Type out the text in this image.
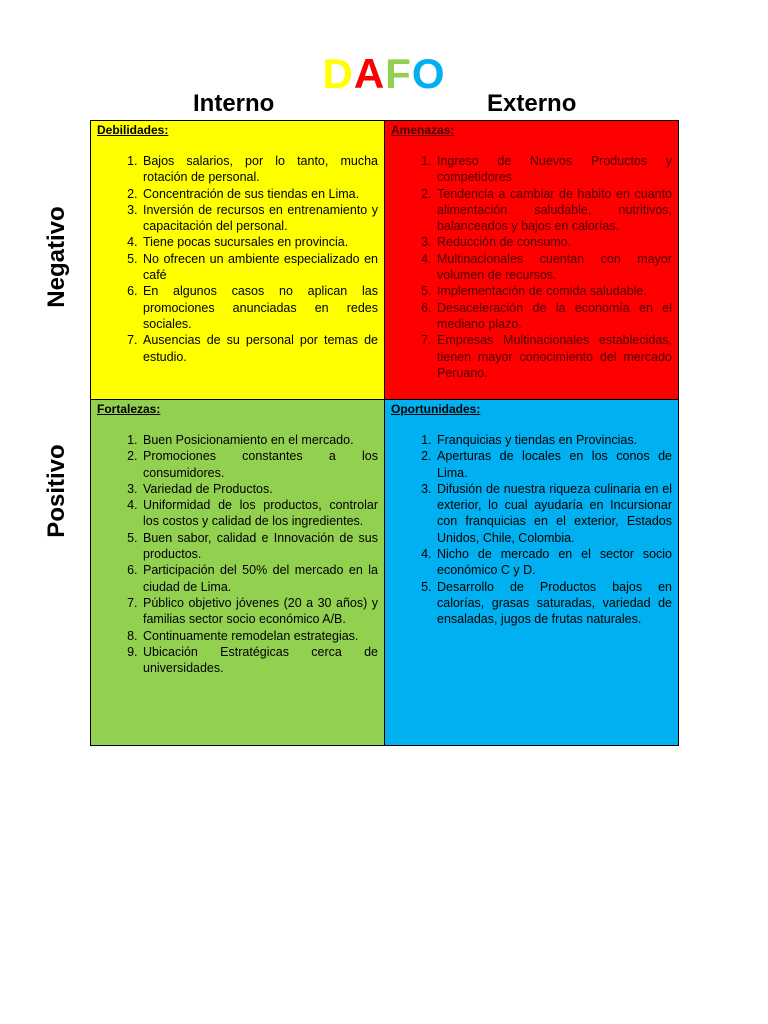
DAFO
Interno	Externo
Negativo
Positivo
Debilidades:
1. Bajos salarios, por lo tanto, mucha rotación de personal.
2. Concentración de sus tiendas en Lima.
3. Inversión de recursos en entrenamiento y capacitación del personal.
4. Tiene pocas sucursales en provincia.
5. No ofrecen un ambiente especializado en café
6. En algunos casos no aplican las promociones anunciadas en redes sociales.
7. Ausencias de su personal por temas de estudio.
Amenazas:
1. Ingreso de Nuevos Productos y competidores
2. Tendencia a cambiar de habito en cuanto alimentación saludable, nutritivos, balanceados y bajos en calorías.
3. Reducción de consumo.
4. Multinacionales cuentan con mayor volumen de recursos.
5. Implementación de comida saludable.
6. Desaceleración de la economía en el mediano plazo.
7. Empresas Multinacionales establecidas, tienen mayor conocimiento del mercado Peruano.
Fortalezas:
1. Buen Posicionamiento en el mercado.
2. Promociones constantes a los consumidores.
3. Variedad de Productos.
4. Uniformidad de los productos, controlar los costos y calidad de los ingredientes.
5. Buen sabor, calidad e Innovación de sus productos.
6. Participación del 50% del mercado en la ciudad de Lima.
7. Público objetivo jóvenes (20 a 30 años) y familias sector socio económico A/B.
8. Continuamente remodelan estrategias.
9. Ubicación Estratégicas cerca de universidades.
Oportunidades:
1. Franquicias y tiendas en Provincias.
2. Aperturas de locales en los conos de Lima.
3. Difusión de nuestra riqueza culinaria en el exterior, lo cual ayudaría en Incursionar con franquicias en el exterior, Estados Unidos, Chile, Colombia.
4. Nicho de mercado en el sector socio económico C y D.
5. Desarrollo de Productos bajos en calorías, grasas saturadas, variedad de ensaladas, jugos de frutas naturales.
